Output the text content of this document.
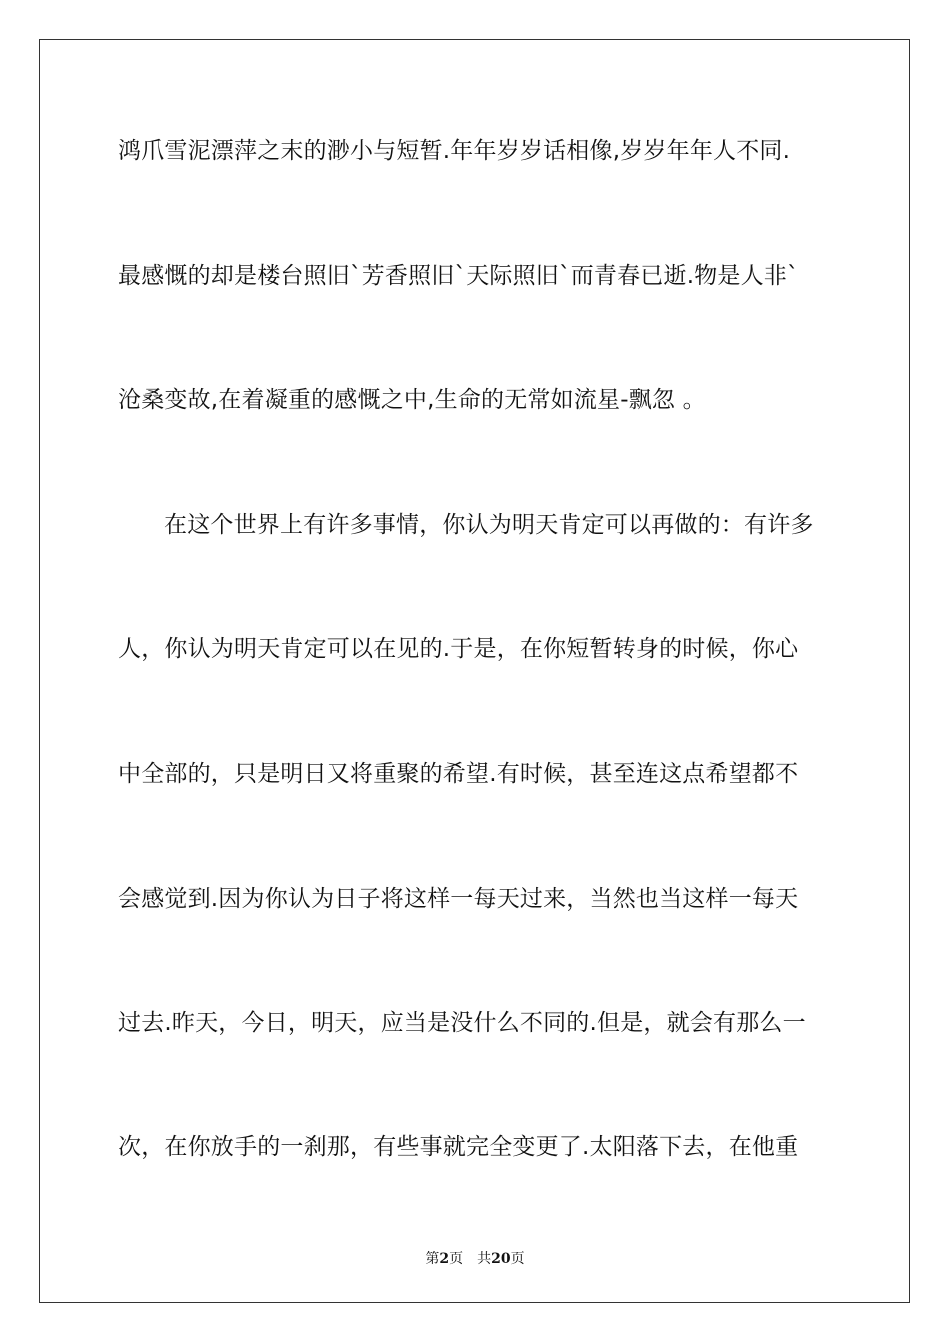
鸿爪雪泥漂萍之末的渺小与短暂.年年岁岁话相像,岁岁年年人不同.
最感慨的却是楼台照旧`芳香照旧`天际照旧`而青春已逝.物是人非`
沧桑变故,在着凝重的感慨之中,生命的无常如流星-飘忽 。
在这个世界上有许多事情，你认为明天肯定可以再做的：有许多
人，你认为明天肯定可以在见的.于是，在你短暂转身的时候，你心
中全部的，只是明日又将重聚的希望.有时候，甚至连这点希望都不
会感觉到.因为你认为日子将这样一每天过来，当然也当这样一每天
过去.昨天，今日，明天，应当是没什么不同的.但是，就会有那么一
次，在你放手的一刹那，有些事就完全变更了.太阳落下去，在他重
第2页 共20页
